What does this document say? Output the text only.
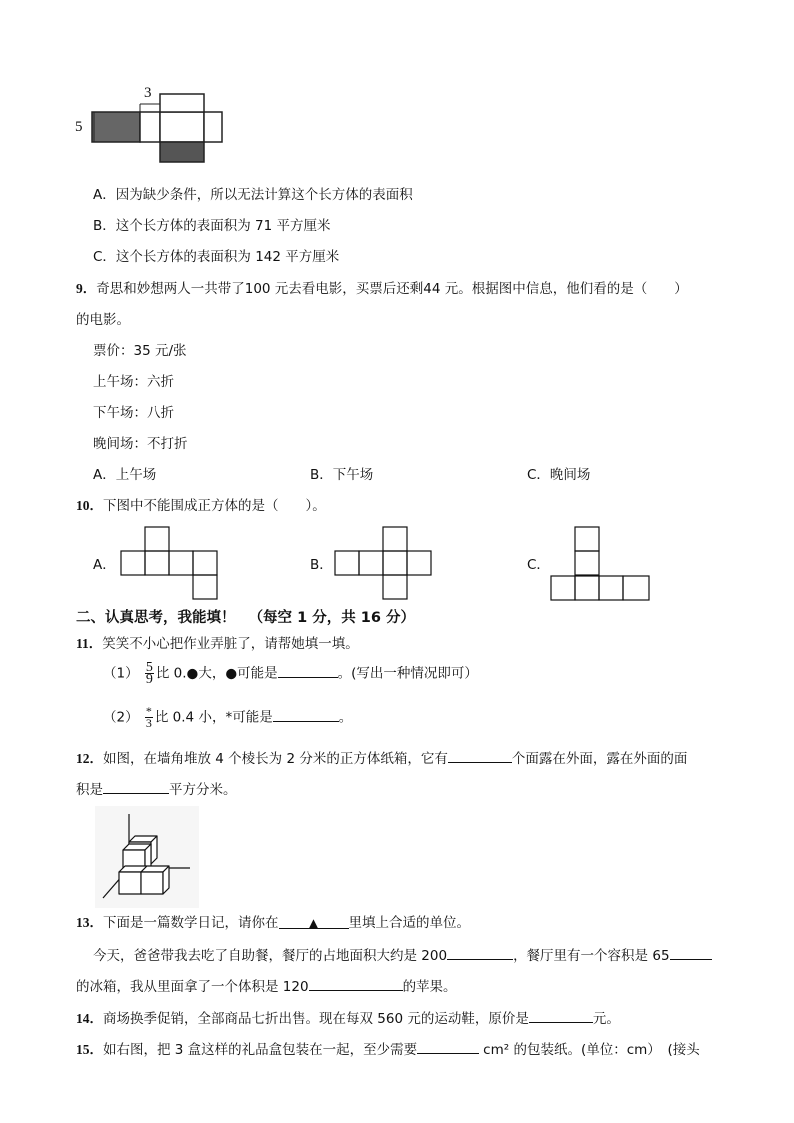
3
5
A．因为缺少条件，所以无法计算这个长方体的表面积
B．这个长方体的表面积为 71 平方厘米
C．这个长方体的表面积为 142 平方厘米
9．奇思和妙想两人一共带了100 元去看电影，买票后还剩44 元。根据图中信息，他们看的是（　　）
的电影。
票价：35 元/张
上午场：六折
下午场：八折
晚间场：不打折
A．上午场	B．下午场	C．晚间场
10．下图中不能围成正方体的是（　　）。
A．	B．	C．
二、认真思考，我能填！ （每空 1 分，共 16 分）
11．笑笑不小心把作业弄脏了，请帮她填一填。
$(1) \frac{5}{9}$ 比 0.●大，●可能是	。(写出一种情况即可）
$(2) \frac{*}{3}$ 比 0.4 小，*可能是	。
12．如图，在墙角堆放 4 个棱长为 2 分米的正方体纸箱，它有	个面露在外面，露在外面的面
积是	平方分米。
13．下面是一篇数学日记，请你在	▲ 里填上合适的单位。
今天，爸爸带我去吃了自助餐，餐厅的占地面积大约是 200	，餐厅里有一个容积是 65
的冰箱，我从里面拿了一个体积是 120	的苹果。
14．商场换季促销，全部商品七折出售。现在每双 560 元的运动鞋，原价是	元。
15．如右图，把 3 盒这样的礼品盒包装在一起，至少需要	cm² 的包装纸。(单位：cm）　(接头
